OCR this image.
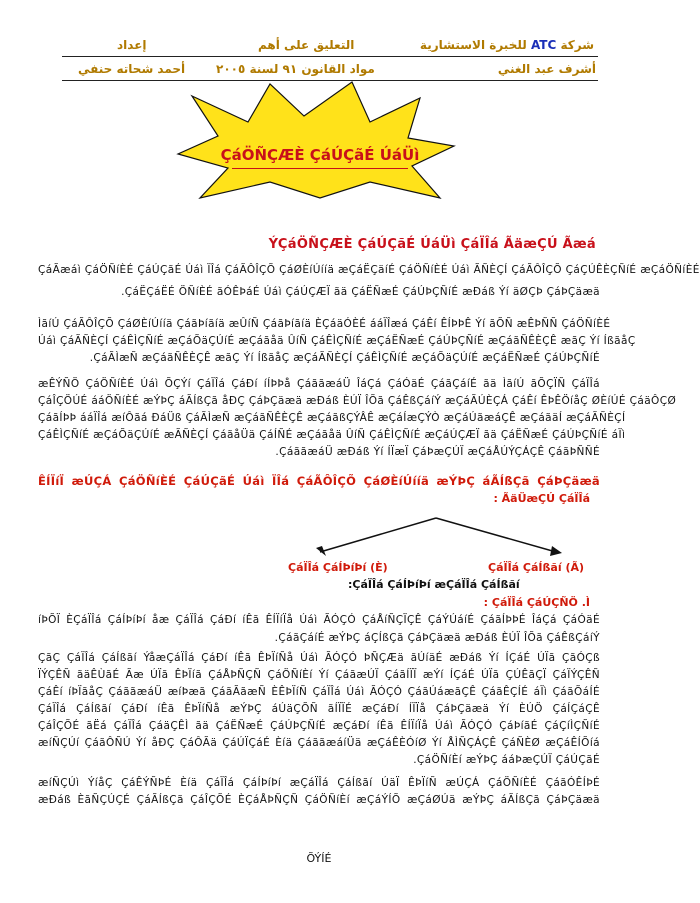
شركة ATC للخبرة الاستشارية
التعليق على أهم
إعداد
أشرف عبد الغني
مواد القانون ٩١ لسنة ٢٠٠٥
أحمد شحاته حنفي
ÇáÖÑÇÆÈ ÇáÚÇãÉ ÚáÜì
ÝÇáÖÑÇÆÈ ÇáÚÇãÉ ÚáÜì ÇáÏÎá ÃäæÇÚ Ãæá
ÇáÃæáì ÇáÖÑíÈÉ ÇáÚÇãÉ Úáì ÏÎá ÇáÃÔÎÇÕ ÇáØÈíÚííä æÇáËÇäíÉ ÇáÖÑíÈÉ Úáì ÃÑÈÇÍ ÇáÃÔÎÇÕ ÇáÇÚÊÈÇÑíÉ æÇáÖÑíÈÉ
.ÇáËÇáËÉ ÖÑíÈÉ ãÓÊÞáÉ Úáì ÇáÚÇÆÏ ãä ÇáËÑæÉ ÇáÚÞÇÑíÉ æÐáß Ýí äØÇÞ ÇáÞÇäæä
ÌãíÚ ÇáÃÔÎÇÕ ÇáØÈíÚííä ÇáãÞíãíä æÛíÑ ÇáãÞíãíä ÈÇáäÓÈÉ ááÏÎæá ÇáÊí ÊÍÞÞÊ Ýí ãÕÑ æÊÞÑÑ ÇáÖÑíÈÉ
Úáì ÇáÃÑÈÇÍ ÇáÊÌÇÑíÉ æÇáÕäÇÚíÉ æÇáãåä ÛíÑ ÇáÊÌÇÑíÉ æÇáËÑæÉ ÇáÚÞÇÑíÉ æÇáãÑÊÈÇÊ æãÇ Ýí ÍßãåÇ
.ÇáÃÌæÑ æÇáãÑÊÈÇÊ æãÇ Ýí ÍßãåÇ æÇáÃÑÈÇÍ ÇáÊÌÇÑíÉ æÇáÕäÇÚíÉ æÇáËÑæÉ ÇáÚÞÇÑíÉ
æÊÝÑÖ ÇáÖÑíÈÉ Úáì ÕÇÝí ÇáÏÎá ÇáÐí íÍÞÞå ÇáããæáÜ ÎáÇá ÇáÓäÉ ÇáãÇáíÉ ãä ÌãíÚ ãÕÇÏÑ ÇáÏÎá
ÇáÎÇÖÚÉ ááÖÑíÈÉ æÝÞÇ áÃÍßÇã åÐÇ ÇáÞÇäæä æÐáß ÈÚÏ ÎÕã ÇáÊßÇáíÝ æÇáÃÚÈÇÁ ÇáÊí ÊÞÊÖíåÇ ØÈíÚÉ ÇáäÔÇØ
ÇáãÍÞÞ ááÏÎá æíÔãá ÐáÜß ÇáÃÌæÑ æÇáãÑÊÈÇÊ æÇáãßÇÝÂÊ æÇáÍæÇÝÒ æÇáÚãæáÇÊ æÇáãäÍ æÇáÃÑÈÇÍ
ÇáÊÌÇÑíÉ æÇáÕäÇÚíÉ æÃÑÈÇÍ ÇáãåÜä ÇáÍÑÉ æÇáãåä ÛíÑ ÇáÊÌÇÑíÉ æÇáÚÇÆÏ ãä ÇáËÑæÉ ÇáÚÞÇÑíÉ áÏì
.ÇáããæáÜ æÐáß Ýí ÍÏæÏ ÇáÞæÇÚÏ æÇáÅÚÝÇÁÇÊ ÇáãÞÑÑÉ
ÊÍÏíÏ æÚÇÁ ÇáÖÑíÈÉ ÇáÚÇãÉ Úáì ÏÎá ÇáÃÔÎÇÕ ÇáØÈíÚííä æÝÞÇ áÃÍßÇã ÇáÞÇäæä
: ÃäÜæÇÚ ÇáÏÎá
ÇáÏÎá ÇáÍÞíÞí (È)	ÇáÏÎá ÇáÍßãí (Ã)
:ÇáÏÎá ÇáÍÞíÞí æÇáÏÎá ÇáÍßãí
: ÇáÏÎá ÇáÚÇÑÖ .Ì
íÞÕÏ ÈÇáÏÎá ÇáÍÞíÞí åæ ÇáÏÎá ÇáÐí íÊã ÊÍÏíÏå Úáì ÃÓÇÓ ÇáÅíÑÇÏÇÊ ÇáÝÚáíÉ ÇáãÍÞÞÉ ÎáÇá ÇáÓäÉ
.ÇáãÇáíÉ æÝÞÇ áÇÍßÇã ÇáÞÇäæä æÐáß ÈÚÏ ÎÕã ÇáÊßÇáíÝ
ÇãÇ ÇáÏÎá ÇáÍßãí ÝåæÇáÏÎá ÇáÐí íÊã ÊÞÏíÑå Úáì ÃÓÇÓ ÞÑÇÆä ãÚíäÉ æÐáß Ýí ÍÇáÉ ÚÏã ÇãÓÇß
ÏÝÇÊÑ ãäÊÙãÉ Ãæ ÚÏã ÊÞÏíã ÇáÅÞÑÇÑ ÇáÖÑíÈí Ýí ÇáãæÚÏ ÇáãÍÏÏ æÝí ÍÇáÉ ÚÏã ÇÚÊãÇÏ ÇáÏÝÇÊÑ
ÇáÊí íÞÏãåÇ ÇáããæáÜ æíÞæã ÇáãÃãæÑ ÈÊÞÏíÑ ÇáÏÎá Úáì ÃÓÇÓ ÇáãÚáæãÇÊ ÇáãÊÇÍÉ áÏì ÇáãÕáÍÉ
ÇáÏÎá ÇáÍßãí ÇáÐí íÊã ÊÞÏíÑå æÝÞÇ áÚäÇÕÑ ãÍÏÏÉ æÇáÐí ÍÏÏå ÇáÞÇäæä Ýí ÈÚÖ ÇáÍÇáÇÊ
ÇáÎÇÕÉ ãËá ÇáÏÎá ÇáäÇÊÌ ãä ÇáËÑæÉ ÇáÚÞÇÑíÉ æÇáÐí íÊã ÊÍÏíÏå Úáì ÃÓÇÓ ÇáÞíãÉ ÇáÇíÌÇÑíÉ
æíÑÇÚí ÇáãÔÑÚ Ýí åÐÇ ÇáÔÃä ÇáÚÏÇáÉ Èíä ÇáããæáíÜä æÇáÊÈÓíØ Ýí ÅÌÑÇÁÇÊ ÇáÑÈØ æÇáÊÍÕíá
.ÇáÖÑíÈí æÝÞÇ ááÞæÇÚÏ ÇáÚÇãÉ
æíÑÇÚì ÝíåÇ ÇáÊÝÑÞÉ Èíä ÇáÏÎá ÇáÍÞíÞí æÇáÏÎá ÇáÍßãí ÚäÏ ÊÞÏíÑ æÚÇÁ ÇáÖÑíÈÉ ÇáãÓÊÍÞÉ
æÐáß ÈãÑÇÚÇÉ ÇáÃÍßÇã ÇáÎÇÕÉ ÈÇáÅÞÑÇÑ ÇáÖÑíÈí æÇáÝÍÕ æÇáØÚä æÝÞÇ áÃÍßÇã ÇáÞÇäæä
ÕÝÍÉ
